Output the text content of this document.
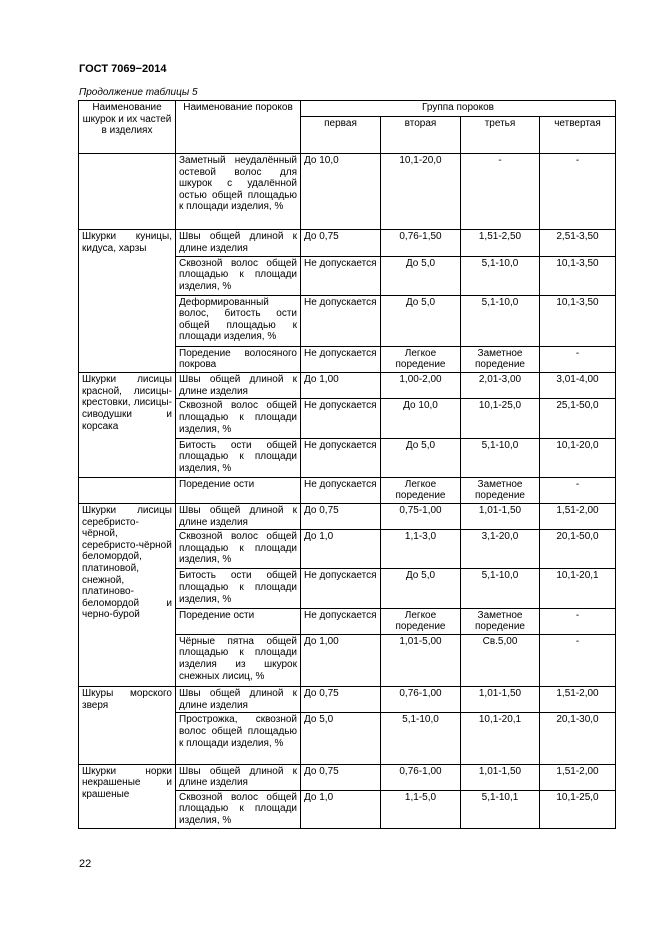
ГОСТ 7069−2014
Продолжение таблицы 5
Наименование шкурок и их частей в изделиях	Наименование пороков	Группа пороков			
		первая	вторая	третья	четвертая
	Заметный неудалённый остевой волос для шкурок с удалённой остью общей площадью к площади изделия, %	До 10,0	10,1-20,0	-	-
Шкурки куницы, кидуса, харзы	Швы общей длиной к длине изделия	До 0,75	0,76-1,50	1,51-2,50	2,51-3,50
	Сквозной волос общей площадью к площади изделия, %	Не допускается	До 5,0	5,1-10,0	10,1-3,50
	Деформированный волос, битость ости общей площадью к площади изделия, %	Не допускается	До 5,0	5,1-10,0	10,1-3,50
	Поредение волосяного покрова	Не допускается	Легкое поредение	Заметное поредение	-
Шкурки лисицы красной, лисицы-крестовки, лисицы-сиводушки и корсака	Швы общей длиной к длине изделия	До 1,00	1,00-2,00	2,01-3,00	3,01-4,00
	Сквозной волос общей площадью к площади изделия, %	Не допускается	До 10,0	10,1-25,0	25,1-50,0
	Битость ости общей площадью к площади изделия, %	Не допускается	До 5,0	5,1-10,0	10,1-20,0
	Поредение ости	Не допускается	Легкое поредение	Заметное поредение	-
Шкурки лисицы серебристо-чёрной, серебристо-чёрной беломордой, платиновой, снежной, платиново-беломордой и черно-бурой	Швы общей длиной к длине изделия	До 0,75	0,75-1,00	1,01-1,50	1,51-2,00
	Сквозной волос общей площадью к площади изделия, %	До 1,0	1,1-3,0	3,1-20,0	20,1-50,0
	Битость ости общей площадью к площади изделия, %	Не допускается	До 5,0	5,1-10,0	10,1-20,1
	Поредение ости	Не допускается	Легкое поредение	Заметное поредение	-
	Чёрные пятна общей площадью к площади изделия из шкурок снежных лисиц, %	До 1,00	1,01-5,00	Св.5,00	-
Шкуры морского зверя	Швы общей длиной к длине изделия	До 0,75	0,76-1,00	1,01-1,50	1,51-2,00
	Прострожка, сквозной волос общей площадью к площади изделия, %	До 5,0	5,1-10,0	10,1-20,1	20,1-30,0
Шкурки норки некрашеные и крашеные	Швы общей длиной к длине изделия	До 0,75	0,76-1,00	1,01-1,50	1,51-2,00
	Сквозной волос общей площадью к площади изделия, %	До 1,0	1,1-5,0	5,1-10,1	10,1-25,0
22
